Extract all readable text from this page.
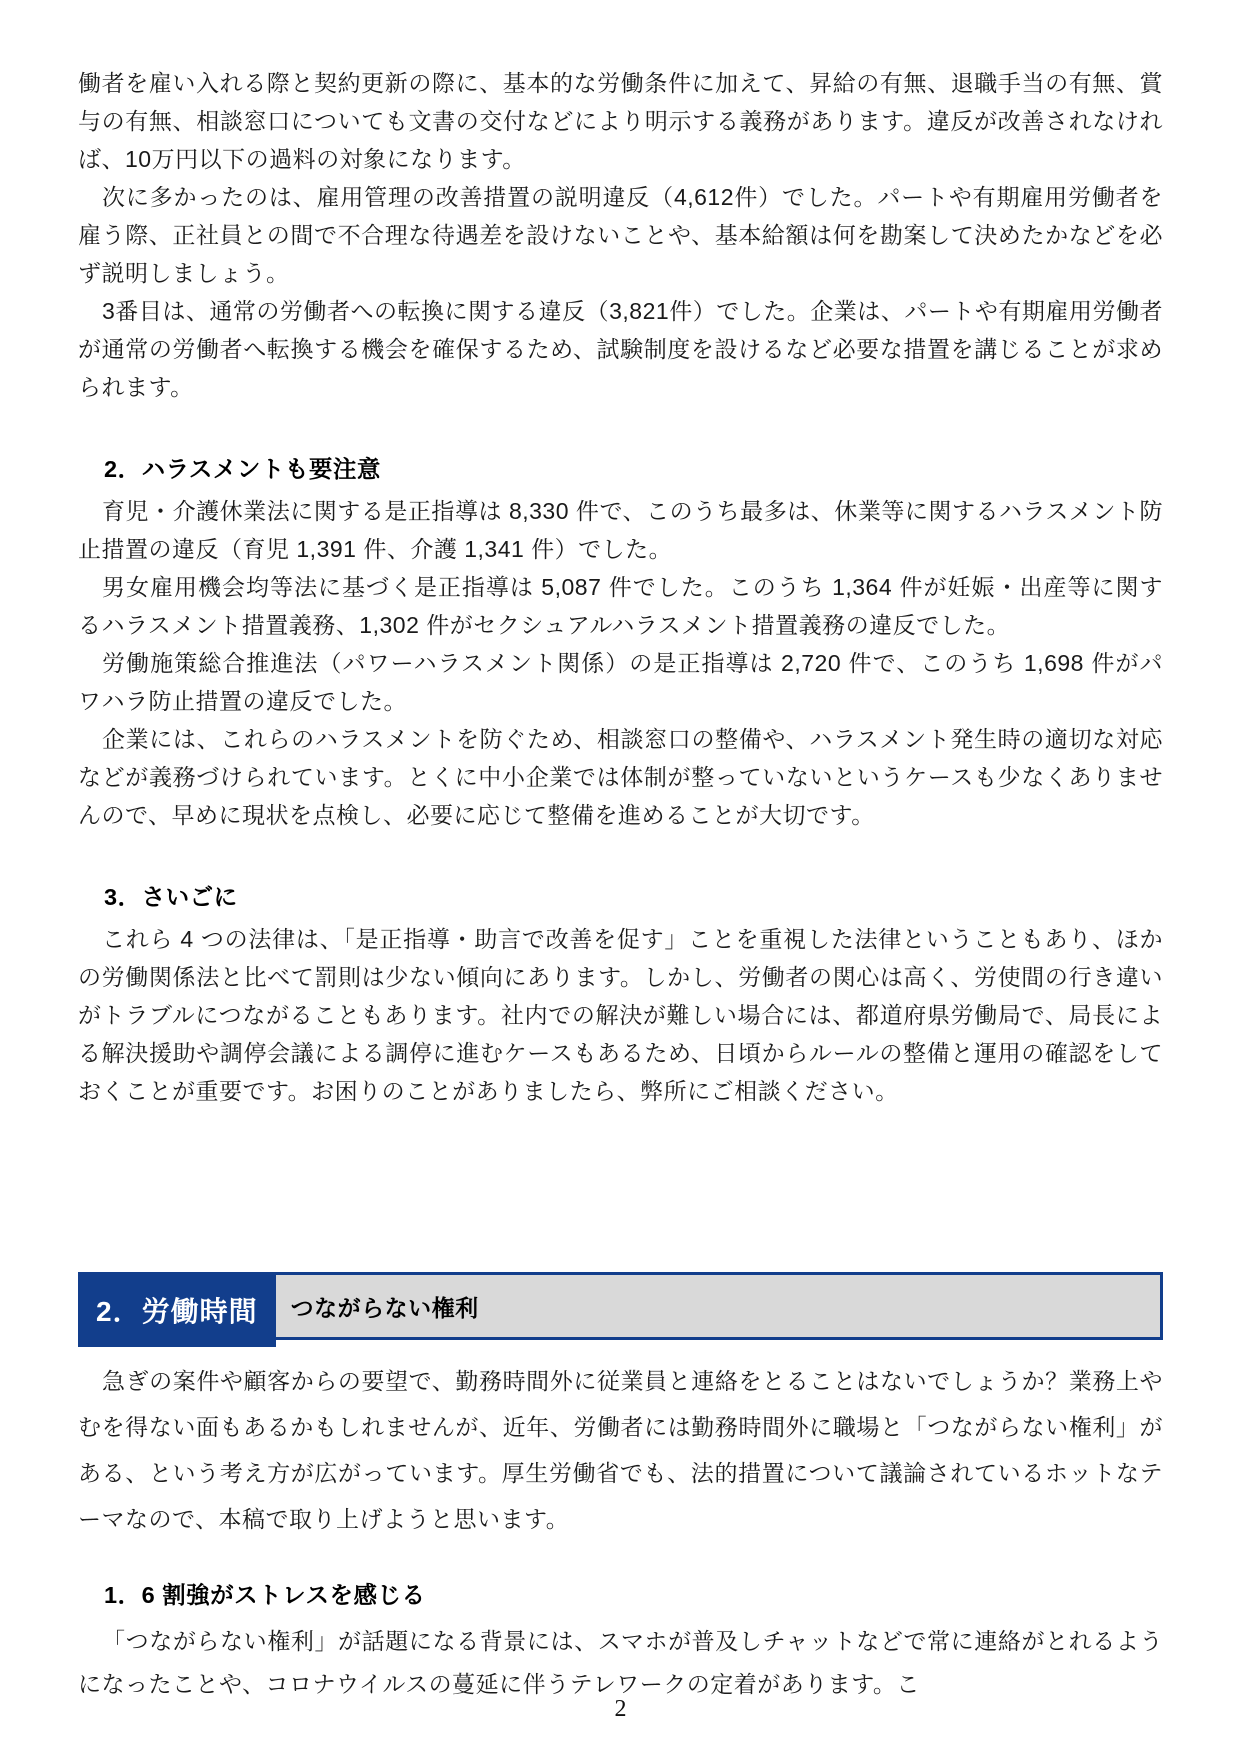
働者を雇い入れる際と契約更新の際に、基本的な労働条件に加えて、昇給の有無、退職手当の有無、賞与の有無、相談窓口についても文書の交付などにより明示する義務があります。違反が改善されなければ、10万円以下の過料の対象になります。

次に多かったのは、雇用管理の改善措置の説明違反（4,612件）でした。パートや有期雇用労働者を雇う際、正社員との間で不合理な待遇差を設けないことや、基本給額は何を勘案して決めたかなどを必ず説明しましょう。

3番目は、通常の労働者への転換に関する違反（3,821件）でした。企業は、パートや有期雇用労働者が通常の労働者へ転換する機会を確保するため、試験制度を設けるなど必要な措置を講じることが求められます。

2．ハラスメントも要注意

育児・介護休業法に関する是正指導は 8,330 件で、このうち最多は、休業等に関するハラスメント防止措置の違反（育児 1,391 件、介護 1,341 件）でした。

男女雇用機会均等法に基づく是正指導は 5,087 件でした。このうち 1,364 件が妊娠・出産等に関するハラスメント措置義務、1,302 件がセクシュアルハラスメント措置義務の違反でした。

労働施策総合推進法（パワーハラスメント関係）の是正指導は 2,720 件で、このうち 1,698 件がパワハラ防止措置の違反でした。

企業には、これらのハラスメントを防ぐため、相談窓口の整備や、ハラスメント発生時の適切な対応などが義務づけられています。とくに中小企業では体制が整っていないというケースも少なくありませんので、早めに現状を点検し、必要に応じて整備を進めることが大切です。

3．さいごに

これら 4 つの法律は、「是正指導・助言で改善を促す」ことを重視した法律ということもあり、ほかの労働関係法と比べて罰則は少ない傾向にあります。しかし、労働者の関心は高く、労使間の行き違いがトラブルにつながることもあります。社内での解決が難しい場合には、都道府県労働局で、局長による解決援助や調停会議による調停に進むケースもあるため、日頃からルールの整備と運用の確認をしておくことが重要です。お困りのことがありましたら、弊所にご相談ください。

2．労働時間	つながらない権利

急ぎの案件や顧客からの要望で、勤務時間外に従業員と連絡をとることはないでしょうか？業務上やむを得ない面もあるかもしれませんが、近年、労働者には勤務時間外に職場と「つながらない権利」がある、という考え方が広がっています。厚生労働省でも、法的措置について議論されているホットなテーマなので、本稿で取り上げようと思います。

1．6 割強がストレスを感じる

「つながらない権利」が話題になる背景には、スマホが普及しチャットなどで常に連絡がとれるようになったことや、コロナウイルスの蔓延に伴うテレワークの定着があります。こ

2
